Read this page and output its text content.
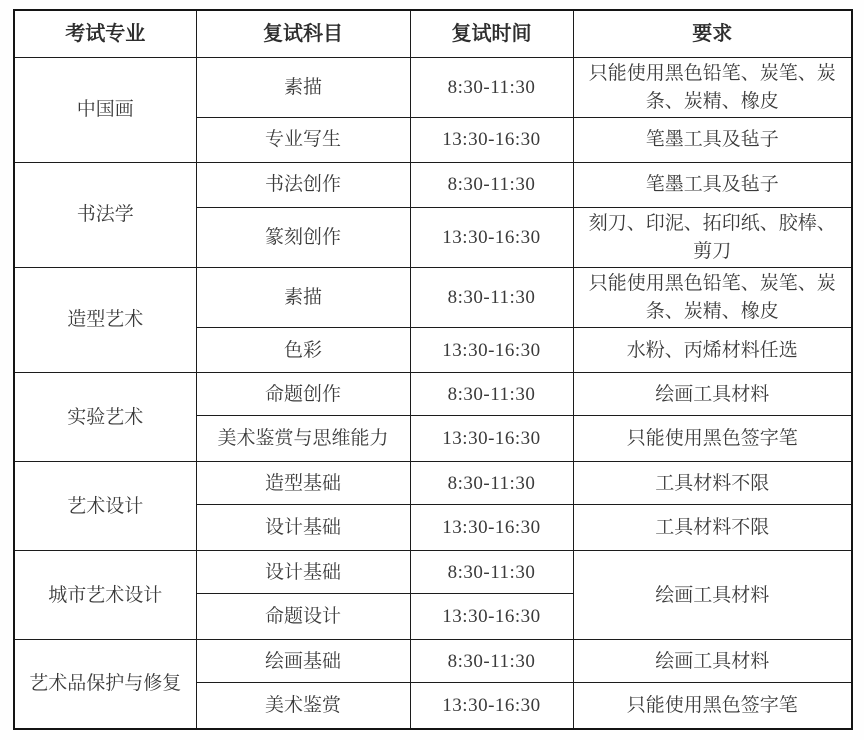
考试专业	复试科目	复试时间	要求
中国画	素描	8:30-11:30	只能使用黑色铅笔、炭笔、炭条、炭精、橡皮
	专业写生	13:30-16:30	笔墨工具及毡子
书法学	书法创作	8:30-11:30	笔墨工具及毡子
	篆刻创作	13:30-16:30	刻刀、印泥、拓印纸、胶棒、剪刀
造型艺术	素描	8:30-11:30	只能使用黑色铅笔、炭笔、炭条、炭精、橡皮
	色彩	13:30-16:30	水粉、丙烯材料任选
实验艺术	命题创作	8:30-11:30	绘画工具材料
	美术鉴赏与思维能力	13:30-16:30	只能使用黑色签字笔
艺术设计	造型基础	8:30-11:30	工具材料不限
	设计基础	13:30-16:30	工具材料不限
城市艺术设计	设计基础	8:30-11:30	绘画工具材料
	命题设计	13:30-16:30	
艺术品保护与修复	绘画基础	8:30-11:30	绘画工具材料
	美术鉴赏	13:30-16:30	只能使用黑色签字笔
